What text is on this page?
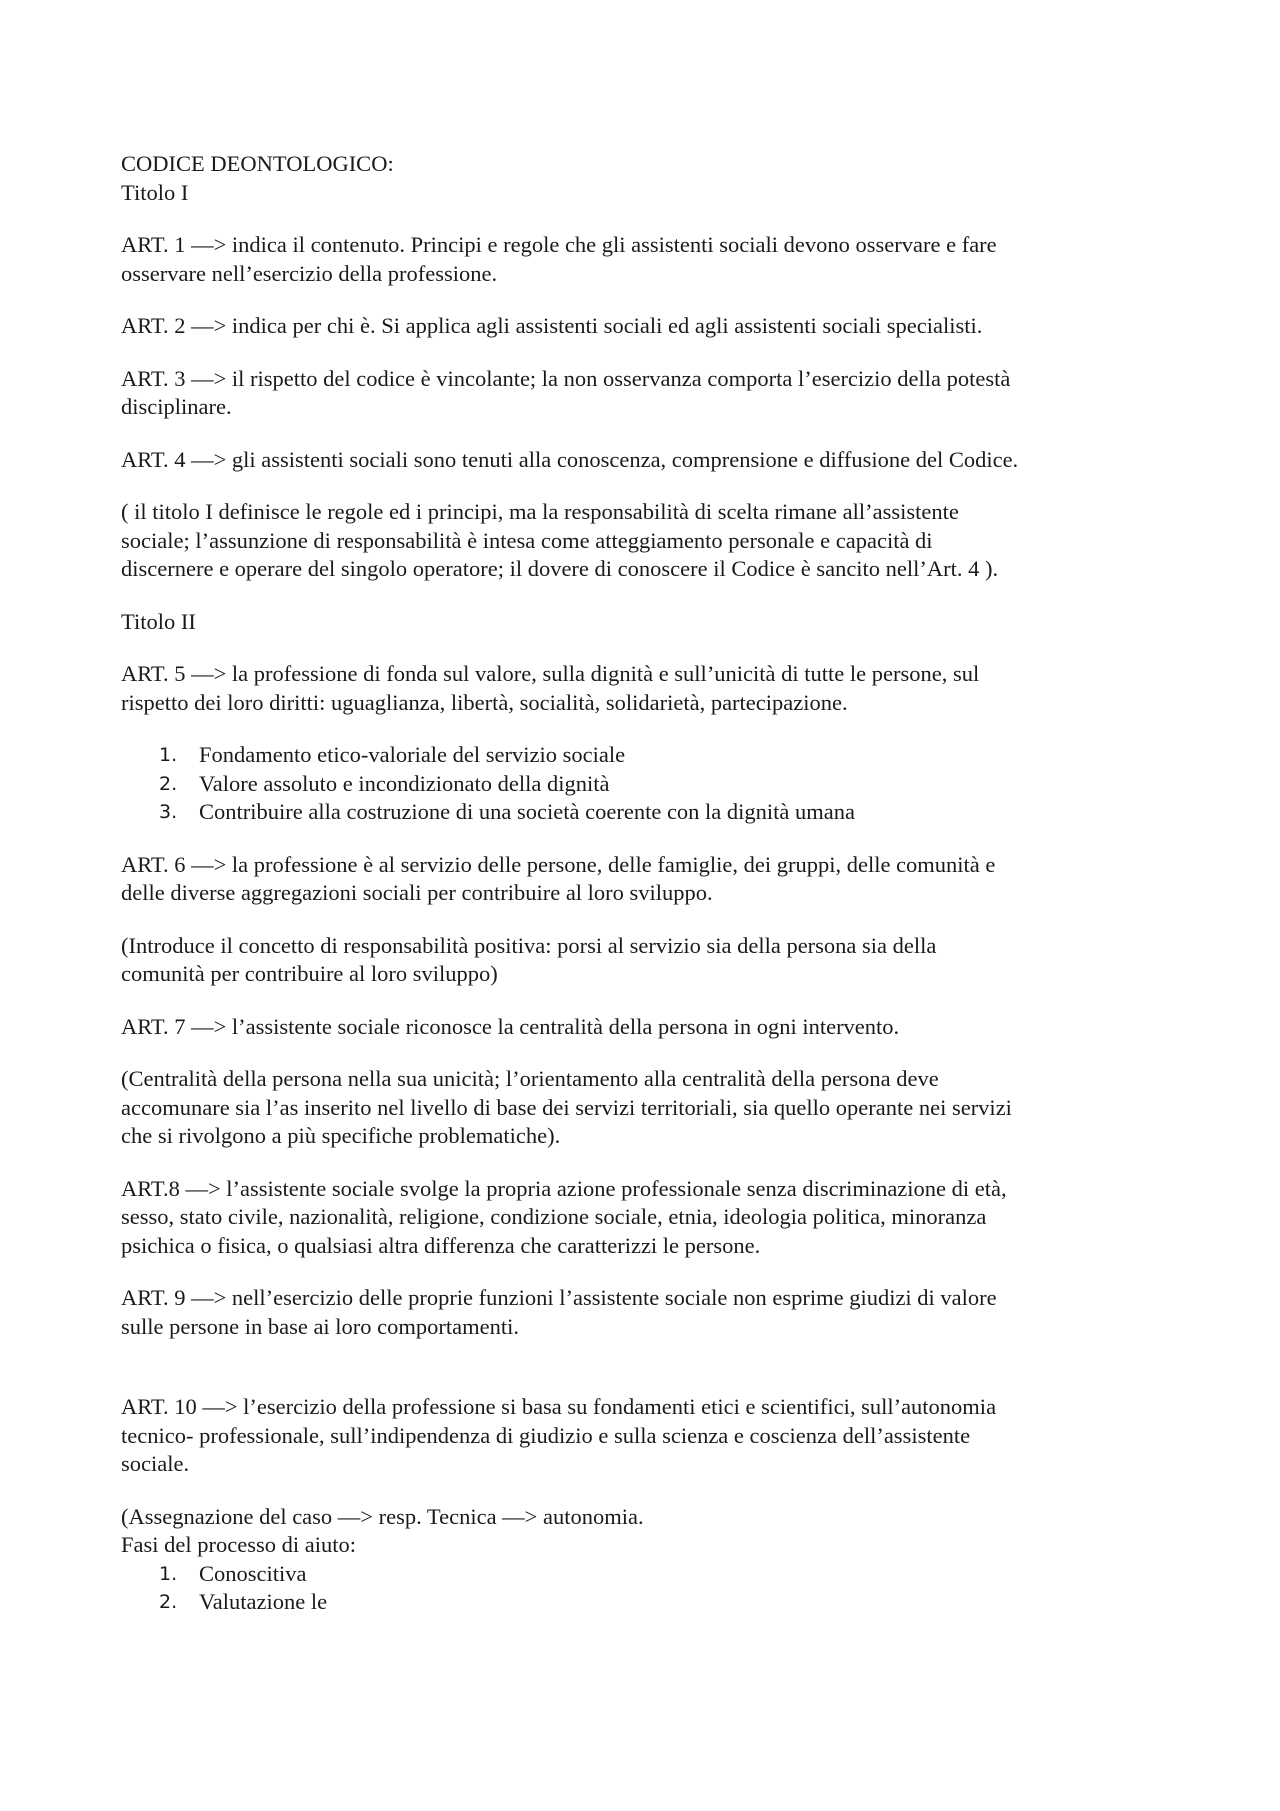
CODICE DEONTOLOGICO:
Titolo I
ART. 1 —> indica il contenuto. Principi e regole che gli assistenti sociali devono osservare e fare
osservare nell’esercizio della professione.
ART. 2 —> indica per chi è. Si applica agli assistenti sociali ed agli assistenti sociali specialisti.
ART. 3 —> il rispetto del codice è vincolante; la non osservanza comporta l’esercizio della potestà
disciplinare.
ART. 4 —> gli assistenti sociali sono tenuti alla conoscenza, comprensione e diffusione del Codice.
( il titolo I definisce le regole ed i principi, ma la responsabilità di scelta rimane all’assistente
sociale; l’assunzione di responsabilità è intesa come atteggiamento personale e capacità di
discernere e operare del singolo operatore; il dovere di conoscere il Codice è sancito nell’Art. 4 ).
Titolo II
ART. 5 —> la professione di fonda sul valore, sulla dignità e sull’unicità di tutte le persone, sul
rispetto dei loro diritti: uguaglianza, libertà, socialità, solidarietà, partecipazione.
1. Fondamento etico-valoriale del servizio sociale
2. Valore assoluto e incondizionato della dignità
3. Contribuire alla costruzione di una società coerente con la dignità umana
ART. 6 —> la professione è al servizio delle persone, delle famiglie, dei gruppi, delle comunità e
delle diverse aggregazioni sociali per contribuire al loro sviluppo.
(Introduce il concetto di responsabilità positiva: porsi al servizio sia della persona sia della
comunità per contribuire al loro sviluppo)
ART. 7 —> l’assistente sociale riconosce la centralità della persona in ogni intervento.
(Centralità della persona nella sua unicità; l’orientamento alla centralità della persona deve
accomunare sia l’as inserito nel livello di base dei servizi territoriali, sia quello operante nei servizi
che si rivolgono a più specifiche problematiche).
ART.8 —> l’assistente sociale svolge la propria azione professionale senza discriminazione di età,
sesso, stato civile, nazionalità, religione, condizione sociale, etnia, ideologia politica, minoranza
psichica o fisica, o qualsiasi altra differenza che caratterizzi le persone.
ART. 9 —> nell’esercizio delle proprie funzioni l’assistente sociale non esprime giudizi di valore
sulle persone in base ai loro comportamenti.
ART. 10 —> l’esercizio della professione si basa su fondamenti etici e scientifici, sull’autonomia
tecnico- professionale, sull’indipendenza di giudizio e sulla scienza e coscienza dell’assistente
sociale.
(Assegnazione del caso —> resp. Tecnica —> autonomia.
Fasi del processo di aiuto:
1. Conoscitiva
2. Valutazione le
